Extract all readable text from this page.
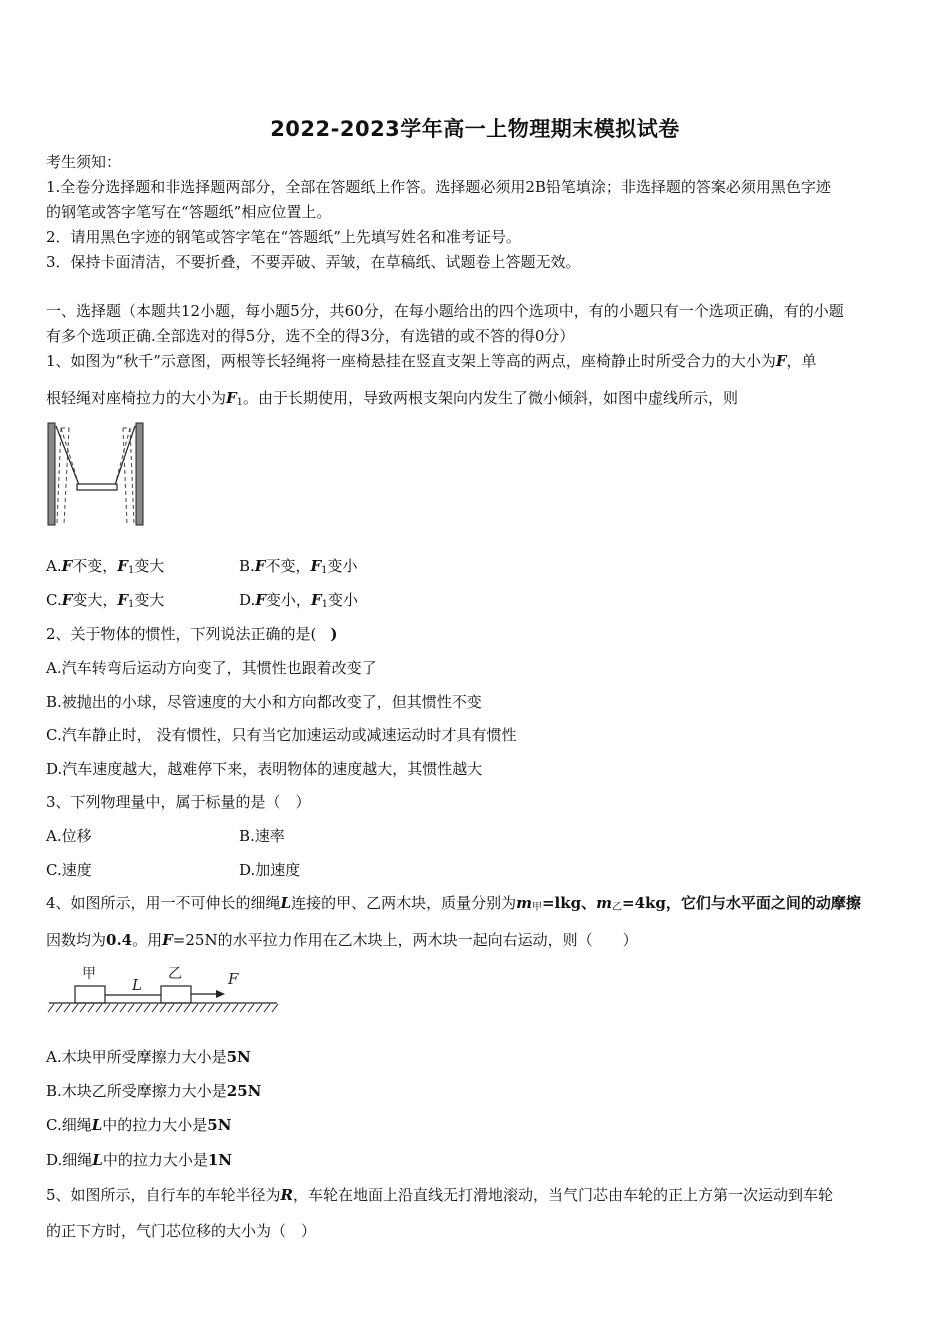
2022-2023学年高一上物理期末模拟试卷
考生须知：
1.全卷分选择题和非选择题两部分，全部在答题纸上作答。选择题必须用2B铅笔填涂；非选择题的答案必须用黑色字迹
的钢笔或答字笔写在“答题纸”相应位置上。
2．请用黑色字迹的钢笔或答字笔在“答题纸”上先填写姓名和准考证号。
3．保持卡面清洁，不要折叠，不要弄破、弄皱，在草稿纸、试题卷上答题无效。
一、选择题（本题共12小题，每小题5分，共60分，在每小题给出的四个选项中，有的小题只有一个选项正确，有的小题
有多个选项正确.全部选对的得5分，选不全的得3分，有选错的或不答的得0分）
1、如图为“秋千”示意图，两根等长轻绳将一座椅悬挂在竖直支架上等高的两点，座椅静止时所受合力的大小为F，单
根轻绳对座椅拉力的大小为$F_1$。由于长期使用，导致两根支架向内发生了微小倾斜，如图中虚线所示，则
A.F不变，$F_1$变大	B.F不变，$F_1$变小
C.F变大，$F_1$变大	D.F变小，$F_1$变小
2、关于物体的惯性，下列说法正确的是( )
A.汽车转弯后运动方向变了，其惯性也跟着改变了
B.被抛出的小球，尽管速度的大小和方向都改变了，但其惯性不变
C.汽车静止时， 没有惯性，只有当它加速运动或减速运动时才具有惯性
D.汽车速度越大，越难停下来，表明物体的速度越大，其惯性越大
3、下列物理量中，属于标量的是（　）
A.位移	B.速率
C.速度	D.加速度
4、如图所示，用一不可伸长的细绳L连接的甲、乙两木块，质量分别为$m_甲=lkg$、$m_乙=4kg$，它们与水平面之间的动摩擦
因数均为0.4。用F=25N的水平拉力作用在乙木块上，两木块一起向右运动，则（　　）
甲
L
乙	F
A.木块甲所受摩擦力大小是5N
B.木块乙所受摩擦力大小是25N
C.细绳L中的拉力大小是5N
D.细绳L中的拉力大小是1N
5、如图所示，自行车的车轮半径为R，车轮在地面上沿直线无打滑地滚动，当气门芯由车轮的正上方第一次运动到车轮
的正下方时，气门芯位移的大小为（　）
